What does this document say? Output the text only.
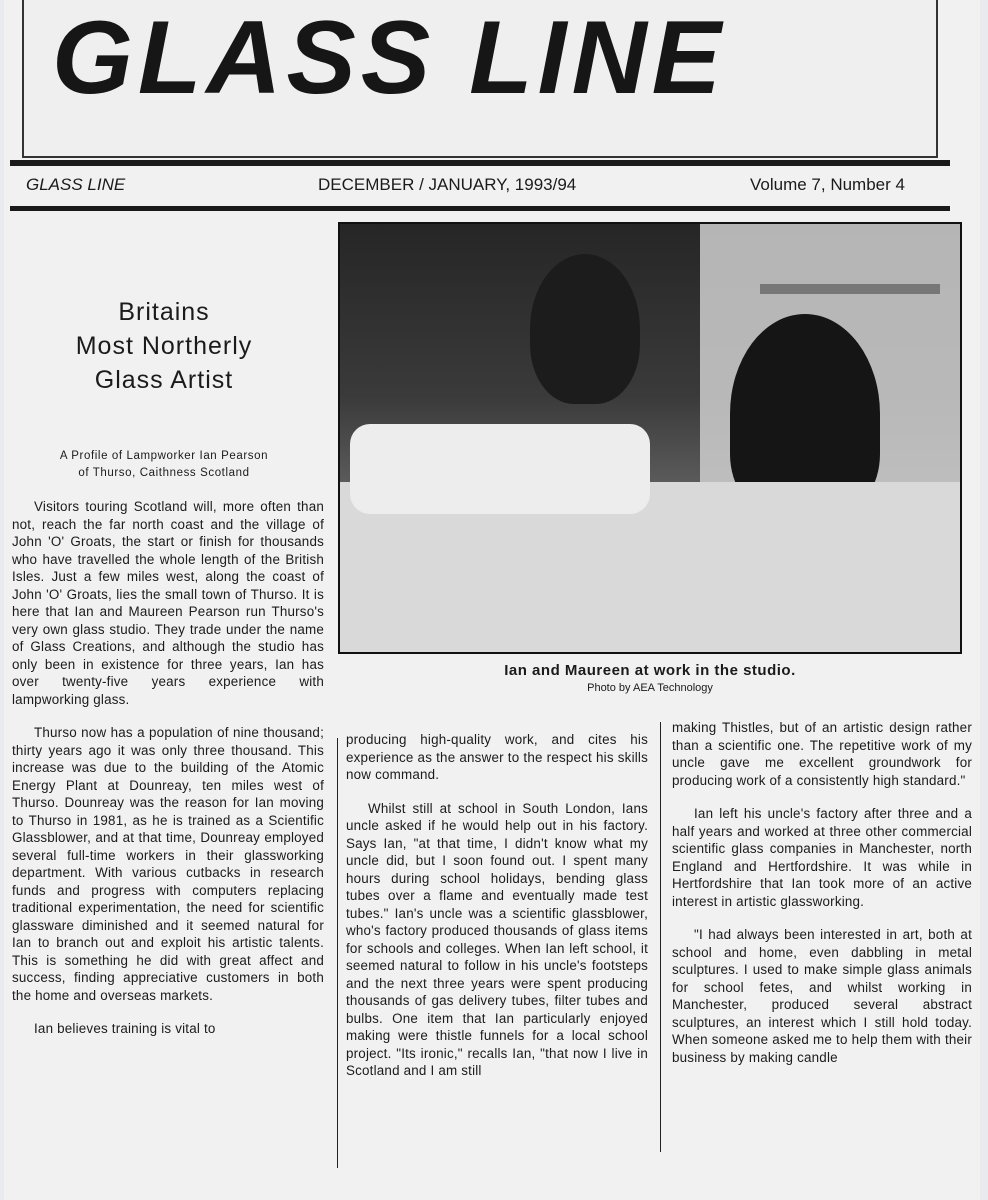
GLASS LINE
GLASS LINE	DECEMBER / JANUARY, 1993/94	Volume 7, Number 4
Ian and Maureen at work in the studio.
Photo by AEA Technology
Britains
Most Northerly
Glass Artist
A Profile of Lampworker Ian Pearson
of Thurso, Caithness Scotland

Visitors touring Scotland will, more often than not, reach the far north coast and the village of John 'O' Groats, the start or finish for thousands who have travelled the whole length of the British Isles. Just a few miles west, along the coast of John 'O' Groats, lies the small town of Thurso. It is here that Ian and Maureen Pearson run Thurso's very own glass studio. They trade under the name of Glass Creations, and although the studio has only been in existence for three years, Ian has over twenty-five years experience with lampworking glass.

Thurso now has a population of nine thousand; thirty years ago it was only three thousand. This increase was due to the building of the Atomic Energy Plant at Dounreay, ten miles west of Thurso. Dounreay was the reason for Ian moving to Thurso in 1981, as he is trained as a Scientific Glassblower, and at that time, Dounreay employed several full-time workers in their glassworking department. With various cutbacks in research funds and progress with computers replacing traditional experimentation, the need for scientific glassware diminished and it seemed natural for Ian to branch out and exploit his artistic talents. This is something he did with great affect and success, finding appreciative customers in both the home and overseas markets.

Ian believes training is vital to

producing high-quality work, and cites his experience as the answer to the respect his skills now command.

Whilst still at school in South London, Ians uncle asked if he would help out in his factory. Says Ian, "at that time, I didn't know what my uncle did, but I soon found out. I spent many hours during school holidays, bending glass tubes over a flame and eventually made test tubes." Ian's uncle was a scientific glassblower, who's factory produced thousands of glass items for schools and colleges. When Ian left school, it seemed natural to follow in his uncle's footsteps and the next three years were spent producing thousands of gas delivery tubes, filter tubes and bulbs. One item that Ian particularly enjoyed making were thistle funnels for a local school project. "Its ironic," recalls Ian, "that now I live in Scotland and I am still

making Thistles, but of an artistic design rather than a scientific one. The repetitive work of my uncle gave me excellent groundwork for producing work of a consistently high standard."

Ian left his uncle's factory after three and a half years and worked at three other commercial scientific glass companies in Manchester, north England and Hertfordshire. It was while in Hertfordshire that Ian took more of an active interest in artistic glassworking.

"I had always been interested in art, both at school and home, even dabbling in metal sculptures. I used to make simple glass animals for school fetes, and whilst working in Manchester, produced several abstract sculptures, an interest which I still hold today. When someone asked me to help them with their business by making candle
